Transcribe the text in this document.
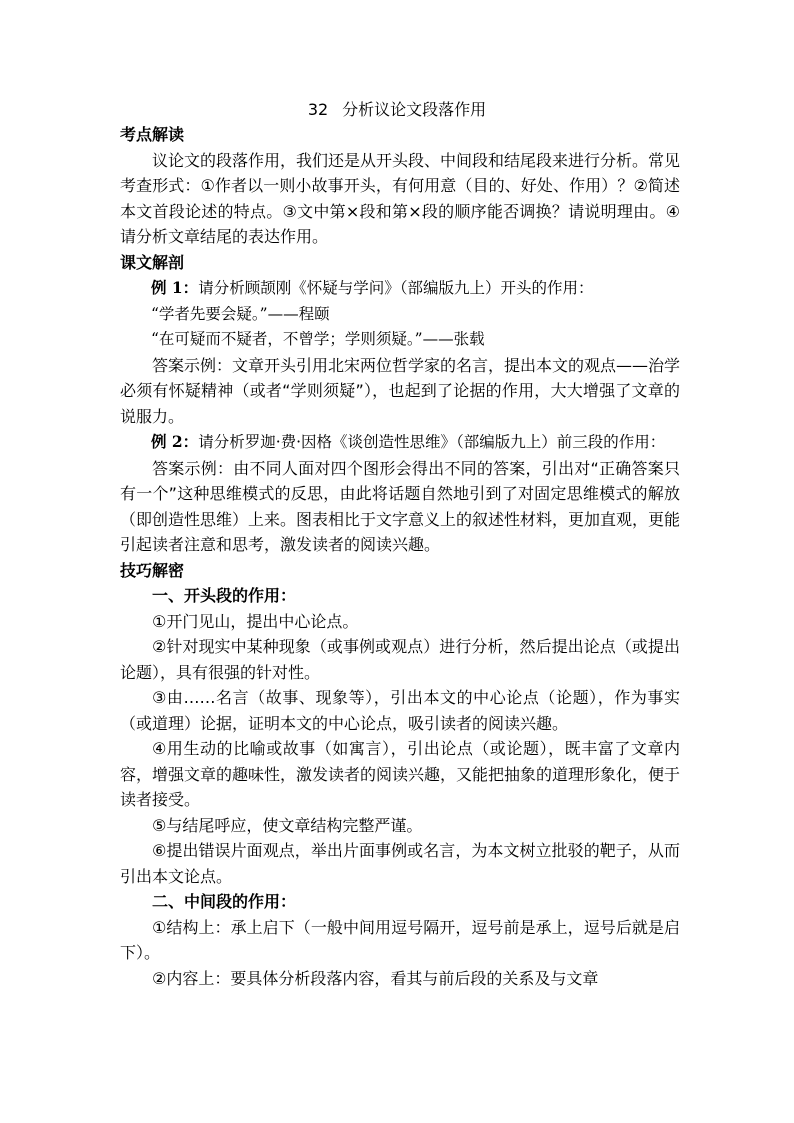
32 分析议论文段落作用

考点解读

议论文的段落作用，我们还是从开头段、中间段和结尾段来进行分析。常见考查形式：①作者以一则小故事开头，有何用意（目的、好处、作用）？②简述本文首段论述的特点。③文中第×段和第×段的顺序能否调换？请说明理由。④请分析文章结尾的表达作用。

课文解剖

例 1：请分析顾颉刚《怀疑与学问》（部编版九上）开头的作用：

“学者先要会疑。”——程颐

“在可疑而不疑者，不曾学；学则须疑。”——张载

答案示例：文章开头引用北宋两位哲学家的名言，提出本文的观点——治学必须有怀疑精神（或者“学则须疑”），也起到了论据的作用，大大增强了文章的说服力。

例 2：请分析罗迦·费·因格《谈创造性思维》（部编版九上）前三段的作用：

答案示例：由不同人面对四个图形会得出不同的答案，引出对“正确答案只有一个”这种思维模式的反思，由此将话题自然地引到了对固定思维模式的解放（即创造性思维）上来。图表相比于文字意义上的叙述性材料，更加直观，更能引起读者注意和思考，激发读者的阅读兴趣。

技巧解密

一、开头段的作用：

①开门见山，提出中心论点。

②针对现实中某种现象（或事例或观点）进行分析，然后提出论点（或提出论题），具有很强的针对性。

③由……名言（故事、现象等），引出本文的中心论点（论题），作为事实（或道理）论据，证明本文的中心论点，吸引读者的阅读兴趣。

④用生动的比喻或故事（如寓言），引出论点（或论题），既丰富了文章内容，增强文章的趣味性，激发读者的阅读兴趣，又能把抽象的道理形象化，便于读者接受。

⑤与结尾呼应，使文章结构完整严谨。

⑥提出错误片面观点，举出片面事例或名言，为本文树立批驳的靶子，从而引出本文论点。

二、中间段的作用：

①结构上：承上启下（一般中间用逗号隔开，逗号前是承上，逗号后就是启下）。

②内容上：要具体分析段落内容，看其与前后段的关系及与文章
